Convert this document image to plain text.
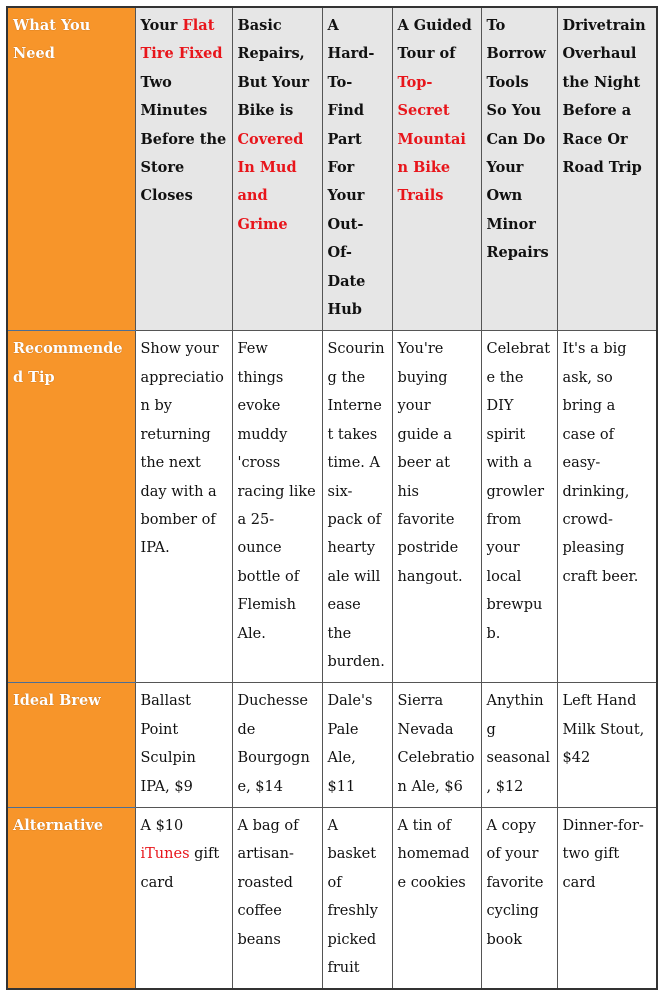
What You Need	Your Flat Tire Fixed Two Minutes Before the Store Closes	Basic Repairs, But Your Bike is Covered In Mud and Grime	A Hard-To-Find Part For Your Out-Of-Date Hub	A Guided Tour of Top-Secret Mountain Bike Trails	To Borrow Tools So You Can Do Your Own Minor Repairs	Drivetrain Overhaul the Night Before a Race Or Road Trip
Recommended Tip	Show your appreciation by returning the next day with a bomber of IPA.	Few things evoke muddy 'cross racing like a 25-ounce bottle of Flemish Ale.	Scouring the Internet takes time. A six-pack of hearty ale will ease the burden.	You're buying your guide a beer at his favorite postride hangout.	Celebrate the DIY spirit with a growler from your local brewpub.	It's a big ask, so bring a case of easy-drinking, crowd-pleasing craft beer.
Ideal Brew	Ballast Point Sculpin IPA, $9	Duchesse de Bourgogne, $14	Dale's Pale Ale, $11	Sierra Nevada Celebration Ale, $6	Anything seasonal, $12	Left Hand Milk Stout, $42
Alternative	A $10 iTunes gift card	A bag of artisan-roasted coffee beans	A basket of freshly picked fruit	A tin of homemade cookies	A copy of your favorite cycling book	Dinner-for-two gift card
